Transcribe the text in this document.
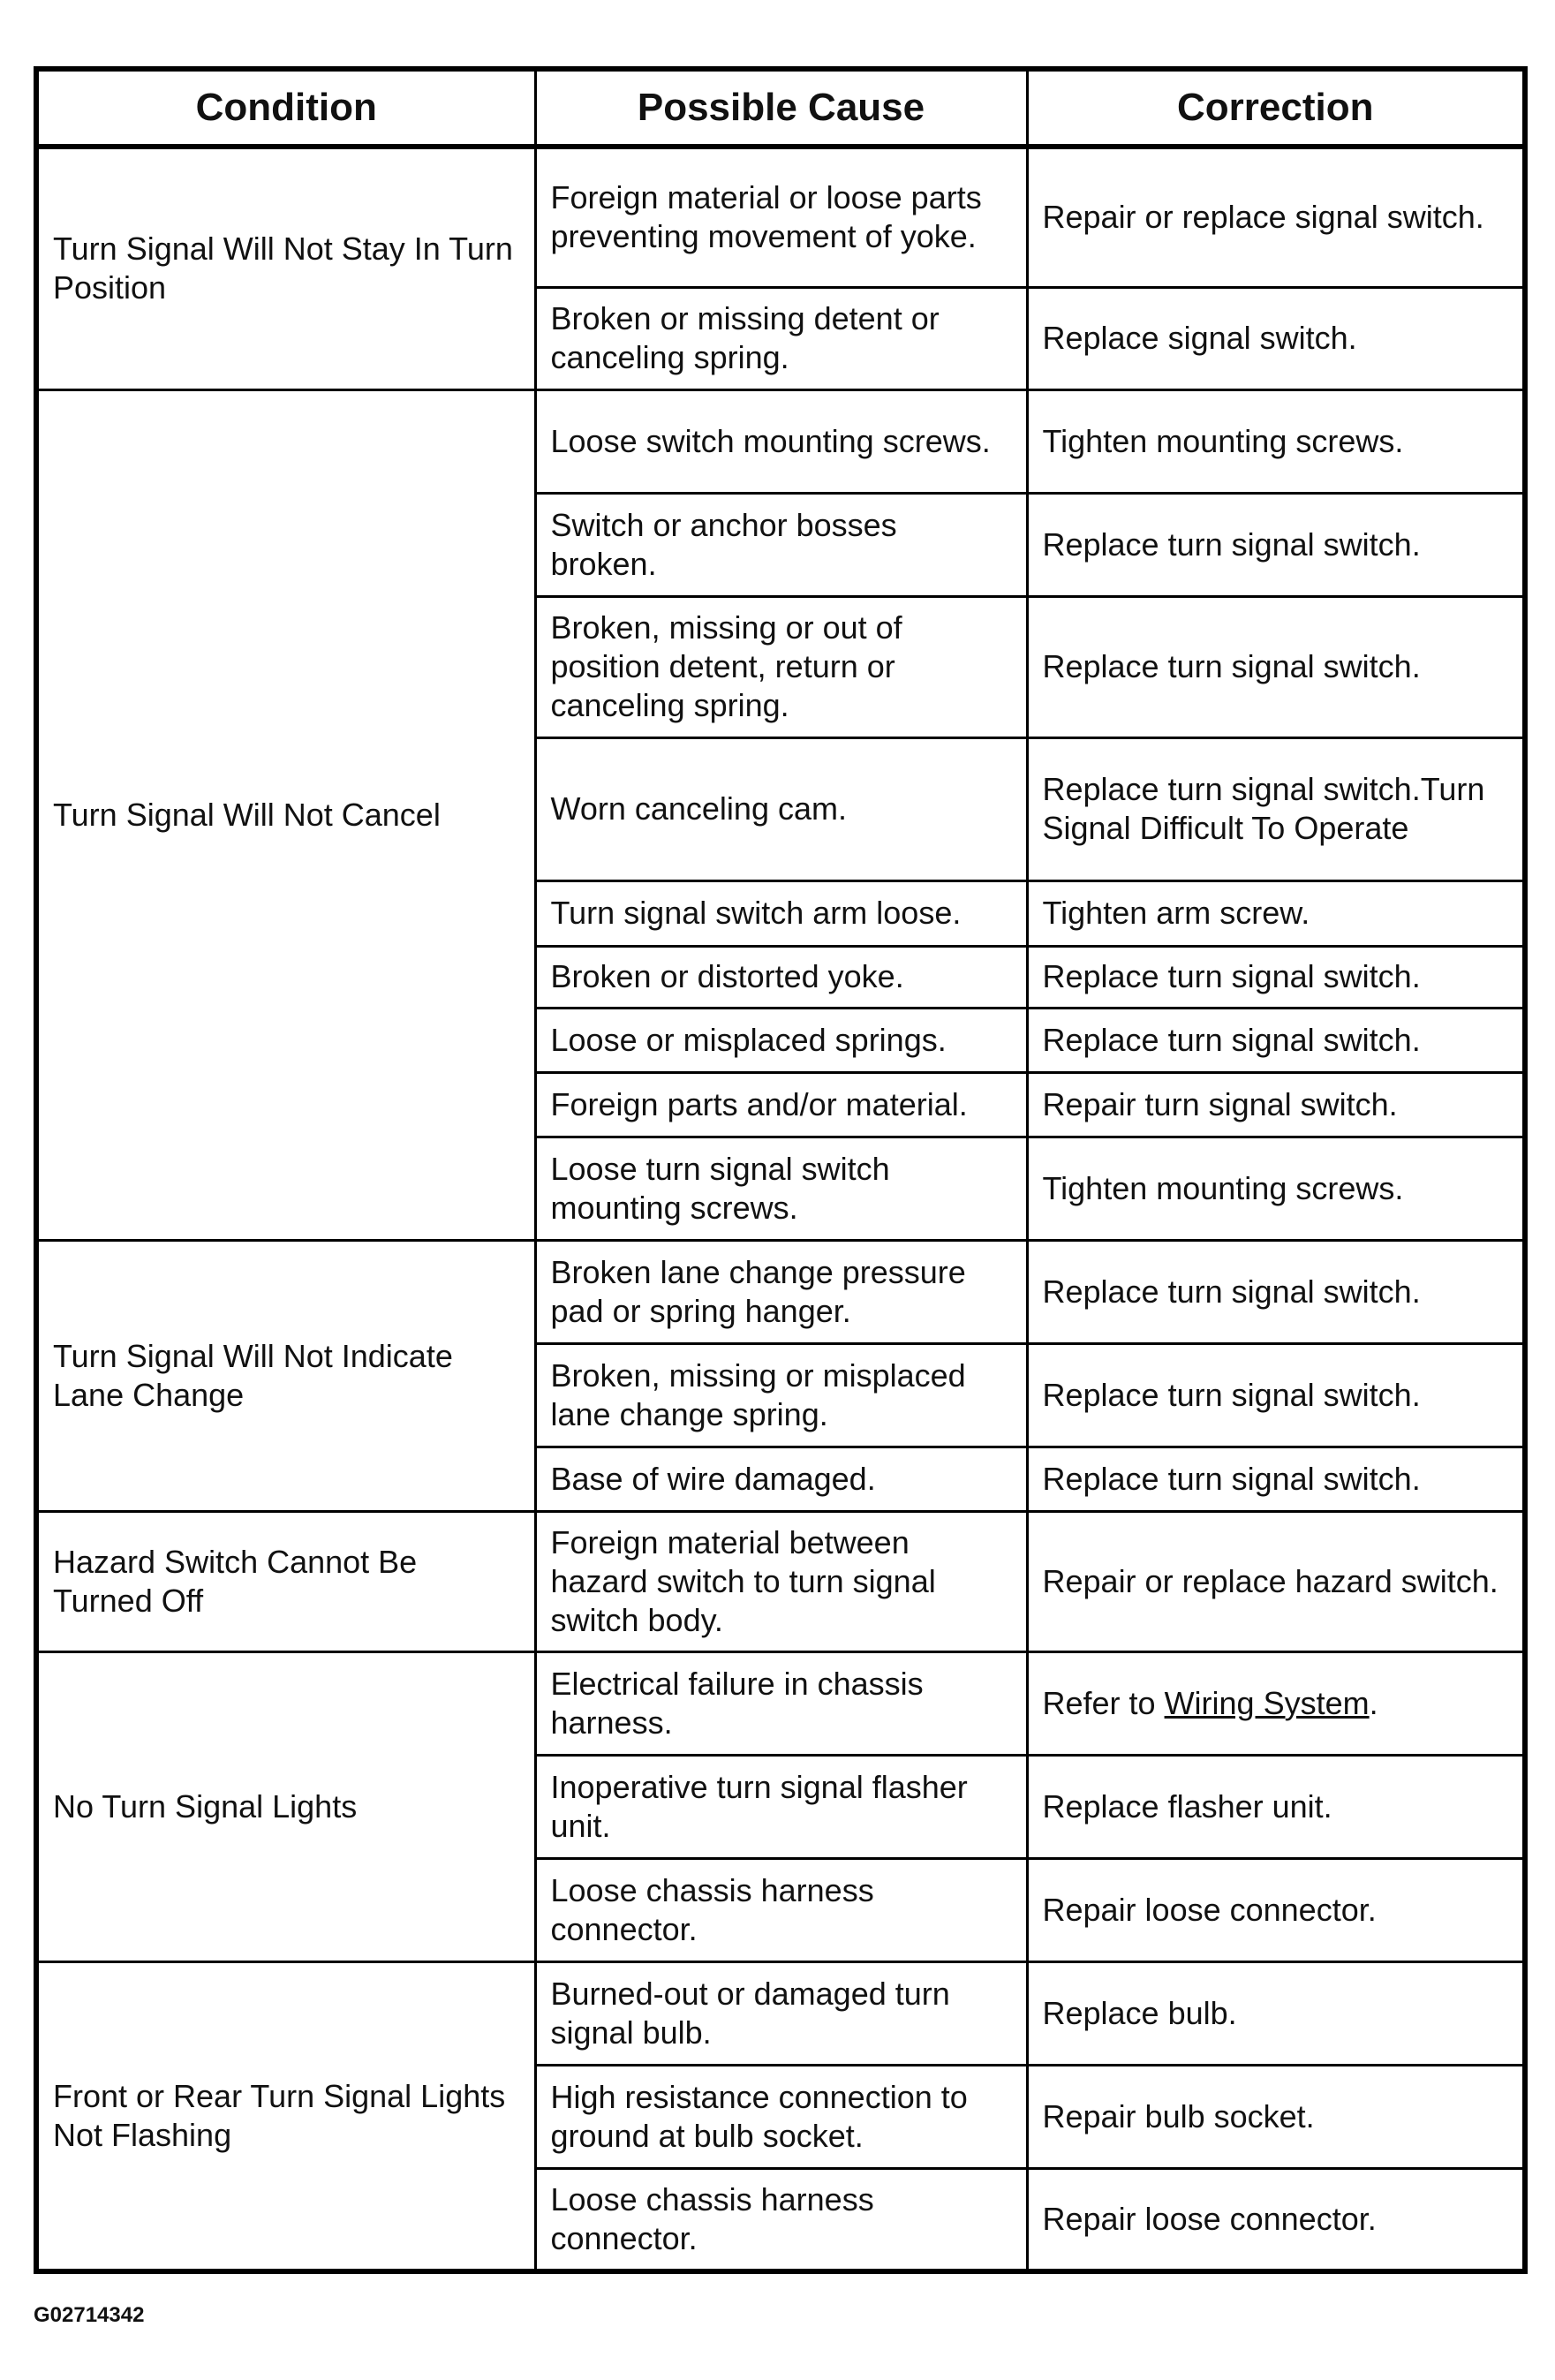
Condition	Possible Cause	Correction
Turn Signal Will Not Stay In Turn Position	Foreign material or loose parts preventing movement of yoke.	Repair or replace signal switch.
	Broken or missing detent or canceling spring.	Replace signal switch.
Turn Signal Will Not Cancel	Loose switch mounting screws.	Tighten mounting screws.
	Switch or anchor bosses broken.	Replace turn signal switch.
	Broken, missing or out of position detent, return or canceling spring.	Replace turn signal switch.
	Worn canceling cam.	Replace turn signal switch.Turn Signal Difficult To Operate
	Turn signal switch arm loose.	Tighten arm screw.
	Broken or distorted yoke.	Replace turn signal switch.
	Loose or misplaced springs.	Replace turn signal switch.
	Foreign parts and/or material.	Repair turn signal switch.
	Loose turn signal switch mounting screws.	Tighten mounting screws.
Turn Signal Will Not Indicate Lane Change	Broken lane change pressure pad or spring hanger.	Replace turn signal switch.
	Broken, missing or misplaced lane change spring.	Replace turn signal switch.
	Base of wire damaged.	Replace turn signal switch.
Hazard Switch Cannot Be Turned Off	Foreign material between hazard switch to turn signal switch body.	Repair or replace hazard switch.
No Turn Signal Lights	Electrical failure in chassis harness.	Refer to Wiring System.
	Inoperative turn signal flasher unit.	Replace flasher unit.
	Loose chassis harness connector.	Repair loose connector.
Front or Rear Turn Signal Lights Not Flashing	Burned-out or damaged turn signal bulb.	Replace bulb.
	High resistance connection to ground at bulb socket.	Repair bulb socket.
	Loose chassis harness connector.	Repair loose connector.
G02714342
